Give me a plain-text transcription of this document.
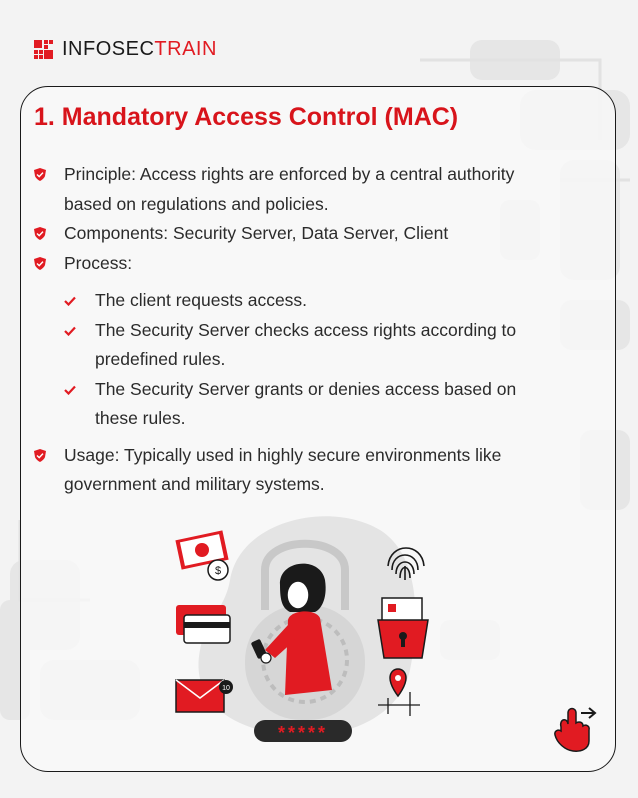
INFOSECTRAIN
1. Mandatory Access Control (MAC)
Principle: Access rights are enforced by a central authority
based on regulations and policies.
Components: Security Server, Data Server, Client
Process:
The client requests access.
The Security Server checks access rights according to
predefined rules.
The Security Server grants or denies access based on
these rules.
Usage: Typically used in highly secure environments like
government and military systems.
$
10
*****
